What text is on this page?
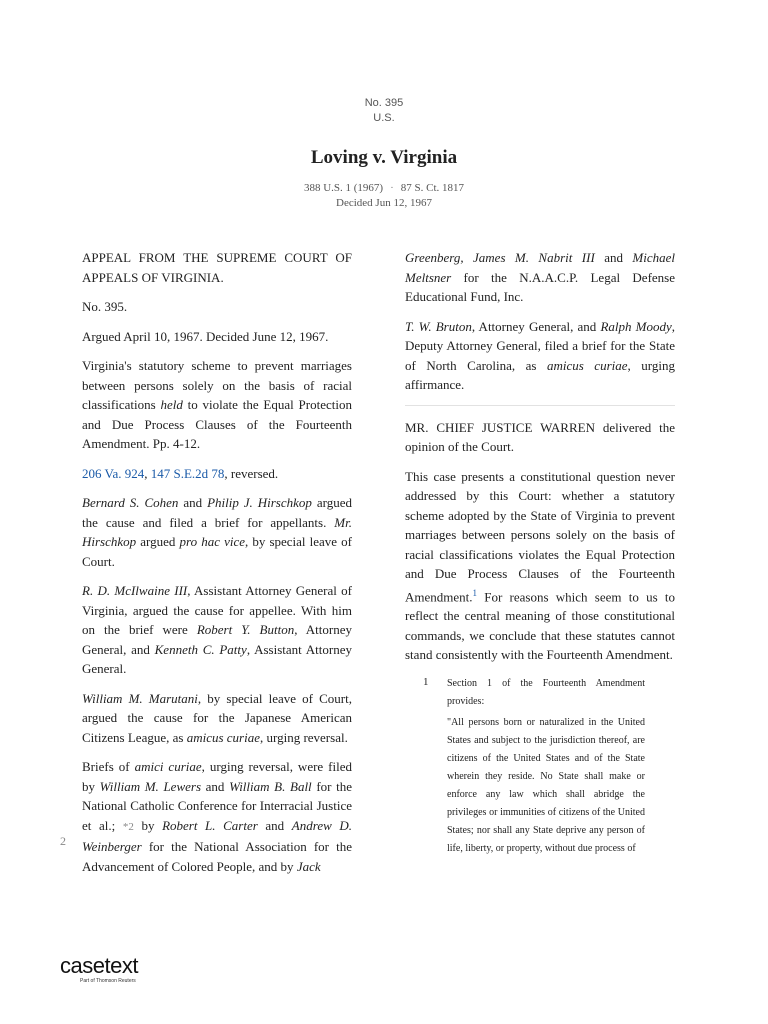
No. 395
U.S.
Loving v. Virginia
388 U.S. 1 (1967) · 87 S. Ct. 1817
Decided Jun 12, 1967

APPEAL FROM THE SUPREME COURT OF APPEALS OF VIRGINIA.

No. 395.

Argued April 10, 1967. Decided June 12, 1967.

Virginia's statutory scheme to prevent marriages between persons solely on the basis of racial classifications held to violate the Equal Protection and Due Process Clauses of the Fourteenth Amendment. Pp. 4-12.

206 Va. 924, 147 S.E.2d 78, reversed.

Bernard S. Cohen and Philip J. Hirschkop argued the cause and filed a brief for appellants. Mr. Hirschkop argued pro hac vice, by special leave of Court.

R. D. McIlwaine III, Assistant Attorney General of Virginia, argued the cause for appellee. With him on the brief were Robert Y. Button, Attorney General, and Kenneth C. Patty, Assistant Attorney General.

William M. Marutani, by special leave of Court, argued the cause for the Japanese American Citizens League, as amicus curiae, urging reversal.

Briefs of amici curiae, urging reversal, were filed by William M. Lewers and William B. Ball for the National Catholic Conference for Interracial Justice et al.; *2 by Robert L. Carter and Andrew D. Weinberger for the National Association for the Advancement of Colored People, and by Jack

2

Greenberg, James M. Nabrit III and Michael Meltsner for the N.A.A.C.P. Legal Defense Educational Fund, Inc.

T. W. Bruton, Attorney General, and Ralph Moody, Deputy Attorney General, filed a brief for the State of North Carolina, as amicus curiae, urging affirmance.

MR. CHIEF JUSTICE WARREN delivered the opinion of the Court.

This case presents a constitutional question never addressed by this Court: whether a statutory scheme adopted by the State of Virginia to prevent marriages between persons solely on the basis of racial classifications violates the Equal Protection and Due Process Clauses of the Fourteenth Amendment.$^1$ For reasons which seem to us to reflect the central meaning of those constitutional commands, we conclude that these statutes cannot stand consistently with the Fourteenth Amendment.

1 Section 1 of the Fourteenth Amendment provides:

"All persons born or naturalized in the United States and subject to the jurisdiction thereof, are citizens of the United States and of the State wherein they reside. No State shall make or enforce any law which shall abridge the privileges or immunities of citizens of the United States; nor shall any State deprive any person of life, liberty, or property, without due process of

casetext
Part of Thomson Reuters
